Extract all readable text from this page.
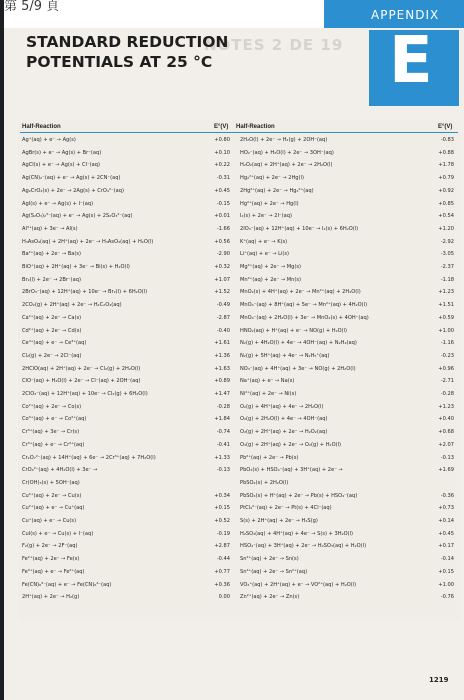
第 5/9 頁
APPENDIX
NOTES 2 DE 19
STANDARD REDUCTION
POTENTIALS AT 25 °C	E
Half-Reaction	E°(V) Half-Reaction	E°(V)
Ag⁺(aq) + e⁻ → Ag(s)	+0.80
AgBr(s) + e⁻ → Ag(s) + Br⁻(aq)	+0.10
AgCl(s) + e⁻ → Ag(s) + Cl⁻(aq)	+0.22
Ag(CN)₂⁻(aq) + e⁻ → Ag(s) + 2CN⁻(aq)	-0.31
Ag₂CrO₄(s) + 2e⁻ → 2Ag(s) + CrO₄²⁻(aq)	+0.45
AgI(s) + e⁻ → Ag(s) + I⁻(aq)	-0.15
Ag(S₂O₃)₂³⁻(aq) + e⁻ → Ag(s) + 2S₂O₃²⁻(aq)	+0.01
Al³⁺(aq) + 3e⁻ → Al(s)	-1.66
H₃AsO₄(aq) + 2H⁺(aq) + 2e⁻ → H₃AsO₃(aq) + H₂O(l)	+0.56
Ba²⁺(aq) + 2e⁻ → Ba(s)	-2.90
BiO⁺(aq) + 2H⁺(aq) + 3e⁻ → Bi(s) + H₂O(l)	+0.32
Br₂(l) + 2e⁻ → 2Br⁻(aq)	+1.07
2BrO₃⁻(aq) + 12H⁺(aq) + 10e⁻ → Br₂(l) + 6H₂O(l)	+1.52
2CO₂(g) + 2H⁺(aq) + 2e⁻ → H₂C₂O₄(aq)	-0.49
Ca²⁺(aq) + 2e⁻ → Ca(s)	-2.87
Cd²⁺(aq) + 2e⁻ → Cd(s)	-0.40
Ce⁴⁺(aq) + e⁻ → Ce³⁺(aq)	+1.61
Cl₂(g) + 2e⁻ → 2Cl⁻(aq)	+1.36
2HClO(aq) + 2H⁺(aq) + 2e⁻ → Cl₂(g) + 2H₂O(l)	+1.63
ClO⁻(aq) + H₂O(l) + 2e⁻ → Cl⁻(aq) + 2OH⁻(aq)	+0.89
2ClO₃⁻(aq) + 12H⁺(aq) + 10e⁻ → Cl₂(g) + 6H₂O(l)	+1.47
Co²⁺(aq) + 2e⁻ → Co(s)	-0.28
Co³⁺(aq) + e⁻ → Co²⁺(aq)	+1.84
Cr³⁺(aq) + 3e⁻ → Cr(s)	-0.74
Cr³⁺(aq) + e⁻ → Cr²⁺(aq)	-0.41
Cr₂O₇²⁻(aq) + 14H⁺(aq) + 6e⁻ → 2Cr³⁺(aq) + 7H₂O(l)	+1.33
CrO₄²⁻(aq) + 4H₂O(l) + 3e⁻ →	-0.13
Cr(OH)₃(s) + 5OH⁻(aq)
Cu²⁺(aq) + 2e⁻ → Cu(s)	+0.34
Cu²⁺(aq) + e⁻ → Cu⁺(aq)	+0.15
Cu⁺(aq) + e⁻ → Cu(s)	+0.52
CuI(s) + e⁻ → Cu(s) + I⁻(aq)	-0.19
F₂(g) + 2e⁻ → 2F⁻(aq)	+2.87
Fe²⁺(aq) + 2e⁻ → Fe(s)	-0.44
Fe³⁺(aq) + e⁻ → Fe²⁺(aq)	+0.77
Fe(CN)₆³⁻(aq) + e⁻ → Fe(CN)₆⁴⁻(aq)	+0.36
2H⁺(aq) + 2e⁻ → H₂(g)	0.00
2H₂O(l) + 2e⁻ → H₂(g) + 2OH⁻(aq)	-0.83
HO₂⁻(aq) + H₂O(l) + 2e⁻ → 3OH⁻(aq)	+0.88
H₂O₂(aq) + 2H⁺(aq) + 2e⁻ → 2H₂O(l)	+1.78
Hg₂²⁺(aq) + 2e⁻ → 2Hg(l)	+0.79
2Hg²⁺(aq) + 2e⁻ → Hg₂²⁺(aq)	+0.92
Hg²⁺(aq) + 2e⁻ → Hg(l)	+0.85
I₂(s) + 2e⁻ → 2I⁻(aq)	+0.54
2IO₃⁻(aq) + 12H⁺(aq) + 10e⁻ → I₂(s) + 6H₂O(l)	+1.20
K⁺(aq) + e⁻ → K(s)	-2.92
Li⁺(aq) + e⁻ → Li(s)	-3.05
Mg²⁺(aq) + 2e⁻ → Mg(s)	-2.37
Mn²⁺(aq) + 2e⁻ → Mn(s)	-1.18
MnO₂(s) + 4H⁺(aq) + 2e⁻ → Mn²⁺(aq) + 2H₂O(l)	+1.23
MnO₄⁻(aq) + 8H⁺(aq) + 5e⁻ → Mn²⁺(aq) + 4H₂O(l)	+1.51
MnO₄⁻(aq) + 2H₂O(l) + 3e⁻ → MnO₂(s) + 4OH⁻(aq)	+0.59
HNO₂(aq) + H⁺(aq) + e⁻ → NO(g) + H₂O(l)	+1.00
N₂(g) + 4H₂O(l) + 4e⁻ → 4OH⁻(aq) + N₂H₄(aq)	-1.16
N₂(g) + 5H⁺(aq) + 4e⁻ → N₂H₅⁺(aq)	-0.23
NO₃⁻(aq) + 4H⁺(aq) + 3e⁻ → NO(g) + 2H₂O(l)	+0.96
Na⁺(aq) + e⁻ → Na(s)	-2.71
Ni²⁺(aq) + 2e⁻ → Ni(s)	-0.28
O₂(g) + 4H⁺(aq) + 4e⁻ → 2H₂O(l)	+1.23
O₂(g) + 2H₂O(l) + 4e⁻ → 4OH⁻(aq)	+0.40
O₂(g) + 2H⁺(aq) + 2e⁻ → H₂O₂(aq)	+0.68
O₃(g) + 2H⁺(aq) + 2e⁻ → O₂(g) + H₂O(l)	+2.07
Pb²⁺(aq) + 2e⁻ → Pb(s)	-0.13
PbO₂(s) + HSO₄⁻(aq) + 3H⁺(aq) + 2e⁻ →	+1.69
PbSO₄(s) + 2H₂O(l)
PbSO₄(s) + H⁺(aq) + 2e⁻ → Pb(s) + HSO₄⁻(aq)	-0.36
PtCl₄²⁻(aq) + 2e⁻ → Pt(s) + 4Cl⁻(aq)	+0.73
S(s) + 2H⁺(aq) + 2e⁻ → H₂S(g)	+0.14
H₂SO₃(aq) + 4H⁺(aq) + 4e⁻ → S(s) + 3H₂O(l)	+0.45
HSO₄⁻(aq) + 3H⁺(aq) + 2e⁻ → H₂SO₃(aq) + H₂O(l)	+0.17
Sn²⁺(aq) + 2e⁻ → Sn(s)	-0.14
Sn⁴⁺(aq) + 2e⁻ → Sn²⁺(aq)	+0.15
VO₂⁺(aq) + 2H⁺(aq) + e⁻ → VO²⁺(aq) + H₂O(l)	+1.00
Zn²⁺(aq) + 2e⁻ → Zn(s)	-0.76
1219
